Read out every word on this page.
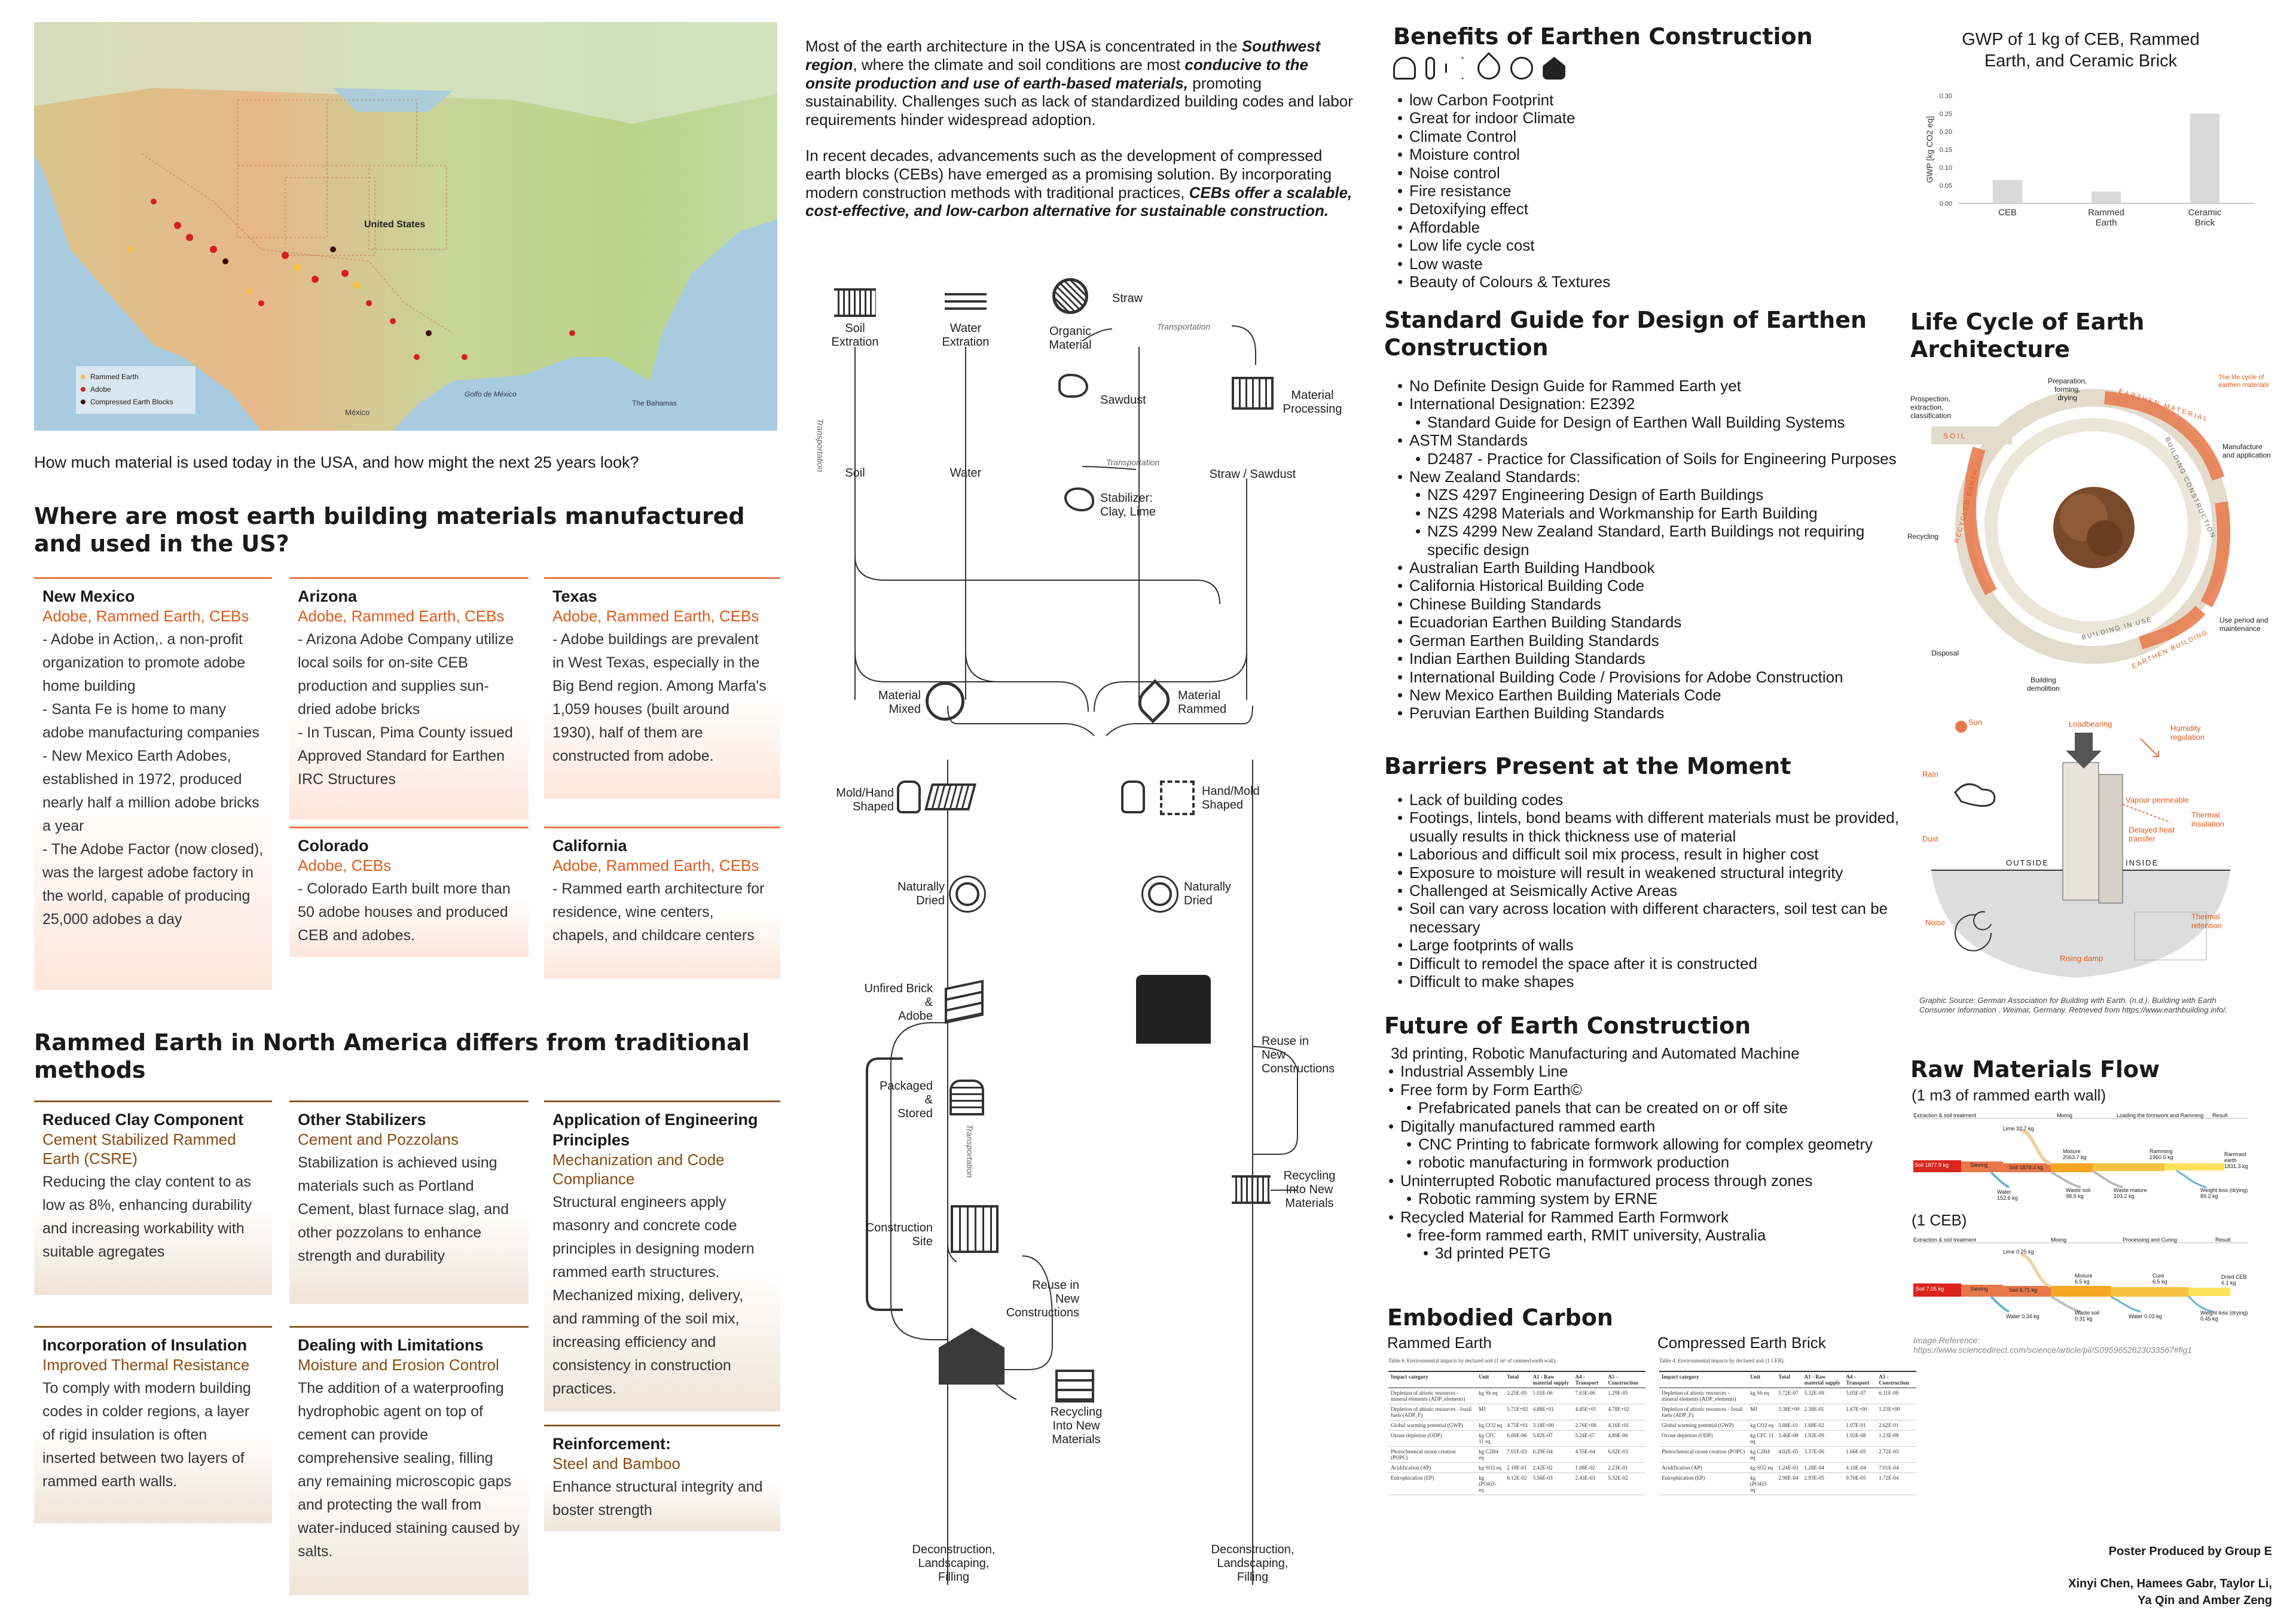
United States
México
Golfo de México
The Bahamas
Rammed Earth
Adobe
Compressed Earth Blocks
How much material is used today in the USA, and how might the next 25 years look?
Where are most earth building materials manufactured and used in the US?
New Mexico
Adobe, Rammed Earth, CEBs

- Adobe in Action,. a non-profit organization to promote adobe home building
- Santa Fe is home to many adobe manufacturing companies
- New Mexico Earth Adobes, established in 1972, produced nearly half a million adobe bricks a year
- The Adobe Factor (now closed), was the largest adobe factory in the world, capable of producing 25,000 adobes a day

Arizona
Adobe, Rammed Earth, CEBs

- Arizona Adobe Company utilize local soils for on-site CEB production and supplies sun-dried adobe bricks
- In Tuscan, Pima County issued Approved Standard for Earthen IRC Structures

Texas
Adobe, Rammed Earth, CEBs

- Adobe buildings are prevalent in West Texas, especially in the Big Bend region. Among Marfa's 1,059 houses (built around 1930), half of them are constructed from adobe.

Colorado
Adobe, CEBs

- Colorado Earth built more than 50 adobe houses and produced CEB and adobes.

California
Adobe, Rammed Earth, CEBs

- Rammed earth architecture for residence, wine centers, chapels, and childcare centers

Rammed Earth in North America differs from traditional methods
Reduced Clay Component
Cement Stabilized Rammed Earth (CSRE)

Reducing the clay content to as low as 8%, enhancing durability and increasing workability with suitable agregates

Other Stabilizers
Cement and Pozzolans

Stabilization is achieved using materials such as Portland Cement, blast furnace slag, and other pozzolans to enhance strength and durability

Application of Engineering Principles
Mechanization and Code Compliance

Structural engineers apply masonry and concrete code principles in designing modern rammed earth structures. Mechanized mixing, delivery, and ramming of the soil mix, increasing efficiency and consistency in construction practices.

Incorporation of Insulation
Improved Thermal Resistance

To comply with modern building codes in colder regions, a layer of rigid insulation is often inserted between two layers of rammed earth walls.

Dealing with Limitations
Moisture and Erosion Control

The addition of a waterproofing hydrophobic agent on top of cement can provide comprehensive sealing, filling any remaining microscopic gaps and protecting the wall from water-induced staining caused by salts.

Reinforcement:
Steel and Bamboo

Enhance structural integrity and boster strength

Most of the earth architecture in the USA is concentrated in the Southwest region, where the climate and soil conditions are most conducive to the onsite production and use of earth-based materials, promoting sustainability. Challenges such as lack of standardized building codes and labor requirements hinder widespread adoption.
In recent decades, advancements such as the development of compressed earth blocks (CEBs) have emerged as a promising solution. By incorporating modern construction methods with traditional practices, CEBs offer a scalable, cost-effective, and low-carbon alternative for sustainable construction.
Soil
Extration
Water
Extration
Organic
Material
Straw
Sawdust	Material
Processing
Transportation
Transportation
Transportation
Transportation
Soil	Water	Straw / Sawdust
Stabilizer:
Clay, Lime
Material
Mixed
Material
Rammed
Mold/Hand
Shaped
Hand/Mold
Shaped
Naturally
Dried
Naturally
Dried
Unfired Brick
&
Adobe
Packaged
&
Stored
Construction
Site
Reuse in
New
Constructions
Reuse in
New
Constructions
Recycling
Into New
Materials
Recycling
Into New
Materials
Deconstruction,
Landscaping,
Filling
Deconstruction,
Landscaping,
Filling
Benefits of Earthen Construction

• low Carbon Footprint
• Great for indoor Climate
• Climate Control
• Moisture control
• Noise control
• Fire resistance
• Detoxifying effect
• Affordable
• Low life cycle cost
• Low waste
• Beauty of Colours & Textures
Standard Guide for Design of Earthen Construction
• No Definite Design Guide for Rammed Earth yet
• International Designation: E2392
• Standard Guide for Design of Earthen Wall Building Systems
• ASTM Standards
• D2487 - Practice for Classification of Soils for Engineering Purposes
• New Zealand Standards:
• NZS 4297 Engineering Design of Earth Buildings
• NZS 4298 Materials and Workmanship for Earth Building
• NZS 4299 New Zealand Standard, Earth Buildings not requiring specific design
• Australian Earth Building Handbook
• California Historical Building Code
• Chinese Building Standards
• Ecuadorian Earthen Building Standards
• German Earthen Building Standards
• Indian Earthen Building Standards
• International Building Code / Provisions for Adobe Construction
• New Mexico Earthen Building Materials Code
• Peruvian Earthen Building Standards
Barriers Present at the Moment
• Lack of building codes
• Footings, lintels, bond beams with different materials must be provided, usually results in thick thickness use of material
• Laborious and difficult soil mix process, result in higher cost
• Exposure to moisture will result in weakened structural integrity
• Challenged at Seismically Active Areas
• Soil can vary across location with different characters, soil test can be necessary
• Large footprints of walls
• Difficult to remodel the space after it is constructed
• Difficult to make shapes
Future of Earth Construction
3d printing, Robotic Manufacturing and Automated Machine
• Industrial Assembly Line
• Free form by Form Earth©
• Prefabricated panels that can be created on or off site
• Digitally manufactured rammed earth
• CNC Printing to fabricate formwork allowing for complex geometry
• robotic manufacturing in formwork production
• Uninterrupted Robotic manufactured process through zones
• Robotic ramming system by ERNE
• Recycled Material for Rammed Earth Formwork
• free-form rammed earth, RMIT university, Australia
• 3d printed PETG
Embodied Carbon
Rammed Earth	Compressed Earth Brick
Table 6. Environmental impacts by declared unit (1 m³ of rammed earth wall).	Table 4. Environmental impacts by declared unit (1 CEB).
Impact category	Unit	Total	A1 - Raw material supply	A4 - Transport	A5 - Construction
Depletion of abiotic resources - mineral elements (ADP_elements)	kg Sb eq	2.25E-05	1.01E-06	7.63E-06	1.29E-05
Depletion of abiotic resources - fossil fuels (ADP_F)	MJ	5.71E+02	4.88E+01	4.45E+01	4.78E+02
Global warming potential (GWP)	kg CO2 eq	4.75E+01	3.18E+00	2.76E+00	4.16E+01
Ozone depletion (ODP)	kg CFC 11 eq	6.00E-06	5.82E-07	5.24E-07	4.89E-06
Photochemical ozone creation (POPC)	kg C2H4 eq	7.01E-03	6.29E-04	4.55E-04	6.82E-03
Acidification (AP)	kg SO2 eq	2.18E-01	2.42E-02	1.08E-02	2.23E-01
Eutrophication (EP)	kg (PO4)3- eq	6.12E-02	5.56E-03	2.43E-03	5.32E-02
Impact category	Unit	Total	A1 - Raw material supply	A4 - Transport	A5 - Construction
Depletion of abiotic resources - mineral elements (ADP_elements)	kg Sb eq	5.72E-07	5.32E-09	5.05E-07	6.11E-08
Depletion of abiotic resources - fossil fuels (ADP_F)	MJ	3.38E+00	2.38E-01	1.67E+00	1.23E+00
Global warming potential (GWP)	kg CO2 eq	3.88E-01	1.68E-02	1.07E-01	2.62E-01
Ozone depletion (ODP)	kg CFC 11 eq	3.46E-08	1.92E-09	1.92E-08	1.23E-08
Photochemical ozone creation (POPC)	kg C2H4 eq	4.02E-05	3.37E-06	1.66E-05	2.72E-05
Acidification (AP)	kg SO2 eq	1.24E-03	1.28E-04	4.10E-04	7.01E-04
Eutrophication (EP)	kg (PO4)3- eq	2.98E-04	2.93E-05	9.70E-05	1.72E-04
GWP of 1 kg of CEB, Rammed Earth, and Ceramic Brick
0.00
0.05
0.10
0.15
0.20
0.25
0.30
GWP [kg CO2 eq]
CEB	Rammed Earth
Ceramic Brick
Life Cycle of Earth Architecture
Preparation,
forming,
drying
Prospection,
extraction,
classification
SOIL
Manufacture
and application
Recycling
EARTHEN MATERIAL
BUILDING CONSTRUCTION
RECYCLED EARTH
BUILDING IN USE
EARTHEN BUILDING
Use period and
maintenance
Disposal
Building
demolition
The life cycle of
earthen materials
Sun	Loadbearing	Humidity
regulation
Rain
Vapour permeable
Thermal
insulation
Delayed heat
transfer
Dust
OUTSIDE	INSIDE
Noise
Rising damp
Thermal
retention
Graphic Source: German Association for Building with Earth. (n.d.). Building with Earth Consumer Information . Weimar, Germany. Retrieved from https://www.earthbuilding.info/.
Raw Materials Flow
(1 m3 of rammed earth wall)
Extraction & soil treatment	Mixing	Loading the formwork and Ramming Result
Soil 1877.9 kg	Sieving
Lime 32.7 kg
Soil 1878.4 kg
Mixture
2063.7 kg
Ramming
1960.5 kg	Rammed earth
1831.3 kg
Water
152.6 kg
Waste soil
98.9 kg
Waste mature
103.2 kg
Weight loss (drying)
89.2 kg
(1 CEB)
Extraction & soil treatment	Mixing	Processing and Curing	Result
Soil 7.05 kg	Sieving
Lime 0.25 kg
Soil 6.71 kg
Mixture
6.5 kg
Cure
6.5 kg
Dried CEB
6.1 kg
Water 0.34 kg
Waste soil
0.31 kg	Water 0.03 kg
Weight loss (drying)
0.45 kg
Image Reference: https://www.sciencedirect.com/science/article/pii/S0959652623033567#fig1
Poster Produced by Group E
Xinyi Chen, Hamees Gabr, Taylor Li, Ya Qin and Amber Zeng
